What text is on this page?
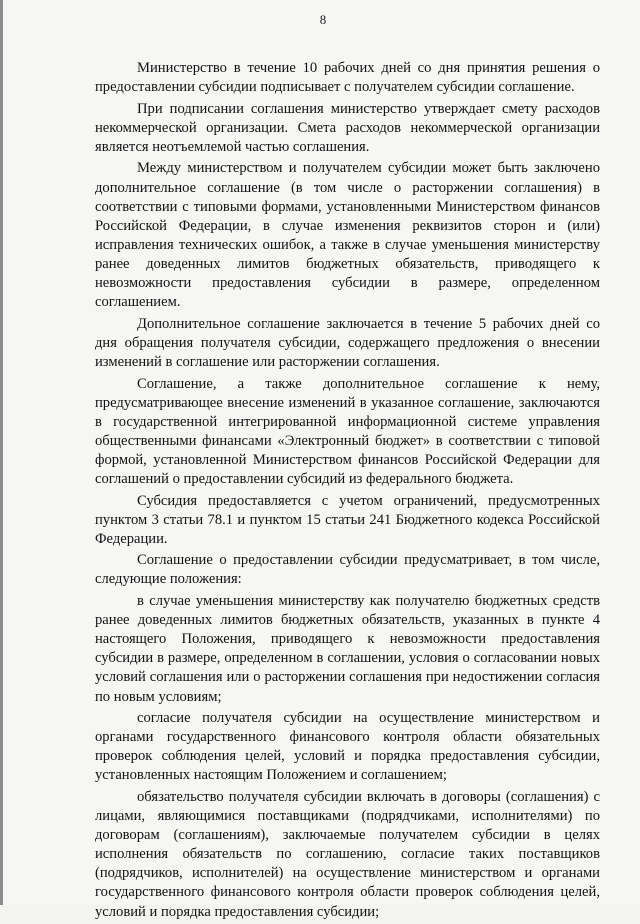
8

Министерство в течение 10 рабочих дней со дня принятия решения о предоставлении субсидии подписывает с получателем субсидии соглашение.

При подписании соглашения министерство утверждает смету расходов некоммерческой организации. Смета расходов некоммерческой организации является неотъемлемой частью соглашения.

Между министерством и получателем субсидии может быть заключено дополнительное соглашение (в том числе о расторжении соглашения) в соответствии с типовыми формами, установленными Министерством финансов Российской Федерации, в случае изменения реквизитов сторон и (или) исправления технических ошибок, а также в случае уменьшения министерству ранее доведенных лимитов бюджетных обязательств, приводящего к невозможности предоставления субсидии в размере, определенном соглашением.

Дополнительное соглашение заключается в течение 5 рабочих дней со дня обращения получателя субсидии, содержащего предложения о внесении изменений в соглашение или расторжении соглашения.

Соглашение, а также дополнительное соглашение к нему, предусматривающее внесение изменений в указанное соглашение, заключаются в государственной интегрированной информационной системе управления общественными финансами «Электронный бюджет» в соответствии с типовой формой, установленной Министерством финансов Российской Федерации для соглашений о предоставлении субсидий из федерального бюджета.

Субсидия предоставляется с учетом ограничений, предусмотренных пунктом 3 статьи 78.1 и пунктом 15 статьи 241 Бюджетного кодекса Российской Федерации.

Соглашение о предоставлении субсидии предусматривает, в том числе, следующие положения:

в случае уменьшения министерству как получателю бюджетных средств ранее доведенных лимитов бюджетных обязательств, указанных в пункте 4 настоящего Положения, приводящего к невозможности предоставления субсидии в размере, определенном в соглашении, условия о согласовании новых условий соглашения или о расторжении соглашения при недостижении согласия по новым условиям;

согласие получателя субсидии на осуществление министерством и органами государственного финансового контроля области обязательных проверок соблюдения целей, условий и порядка предоставления субсидии, установленных настоящим Положением и соглашением;

обязательство получателя субсидии включать в договоры (соглашения) с лицами, являющимися поставщиками (подрядчиками, исполнителями) по договорам (соглашениям), заключаемые получателем субсидии в целях исполнения обязательств по соглашению, согласие таких поставщиков (подрядчиков, исполнителей) на осуществление министерством и органами государственного финансового контроля области проверок соблюдения целей, условий и порядка предоставления субсидии;
